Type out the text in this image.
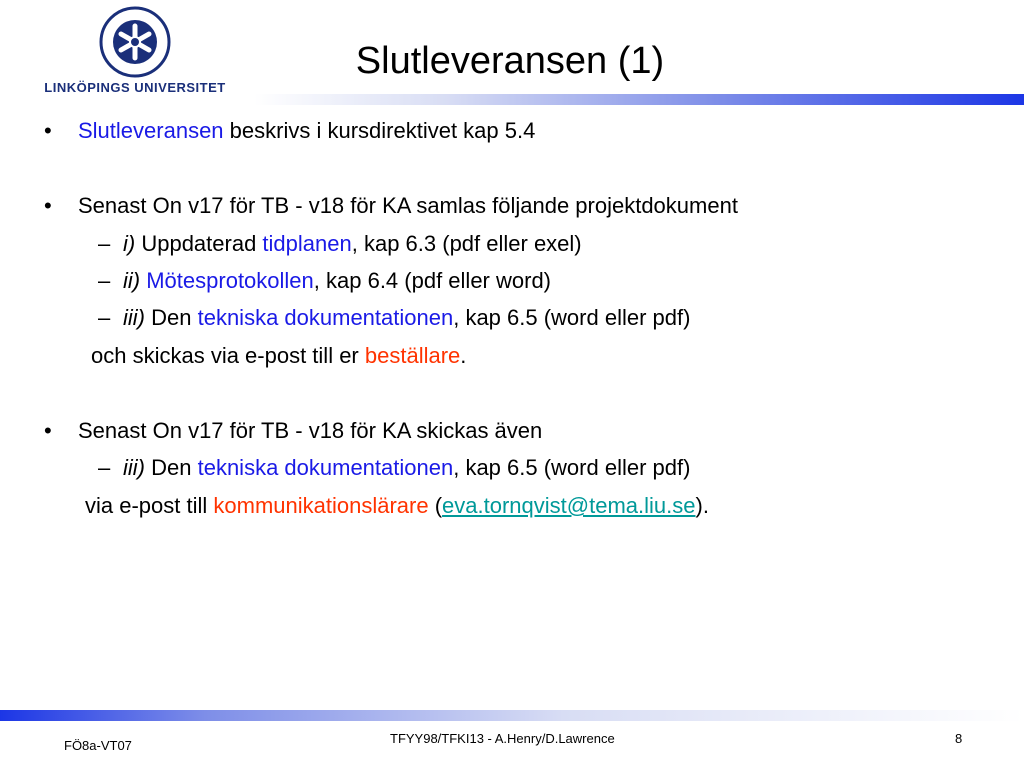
LINKÖPINGS UNIVERSITET
Slutleveransen (1)
• Slutleveransen beskrivs i kursdirektivet kap 5.4
• Senast On v17 för TB - v18 för KA samlas följande projektdokument
– i) Uppdaterad tidplanen, kap 6.3 (pdf eller exel)
– ii) Mötesprotokollen, kap 6.4 (pdf eller word)
– iii) Den tekniska dokumentationen, kap 6.5 (word eller pdf)
och skickas via e-post till er beställare.
• Senast On v17 för TB - v18 för KA skickas även
– iii) Den tekniska dokumentationen, kap 6.5 (word eller pdf)
via e-post till kommunikationslärare (eva.tornqvist@tema.liu.se).
FÖ8a-VT07	TFYY98/TFKI13 - A.Henry/D.Lawrence	8
